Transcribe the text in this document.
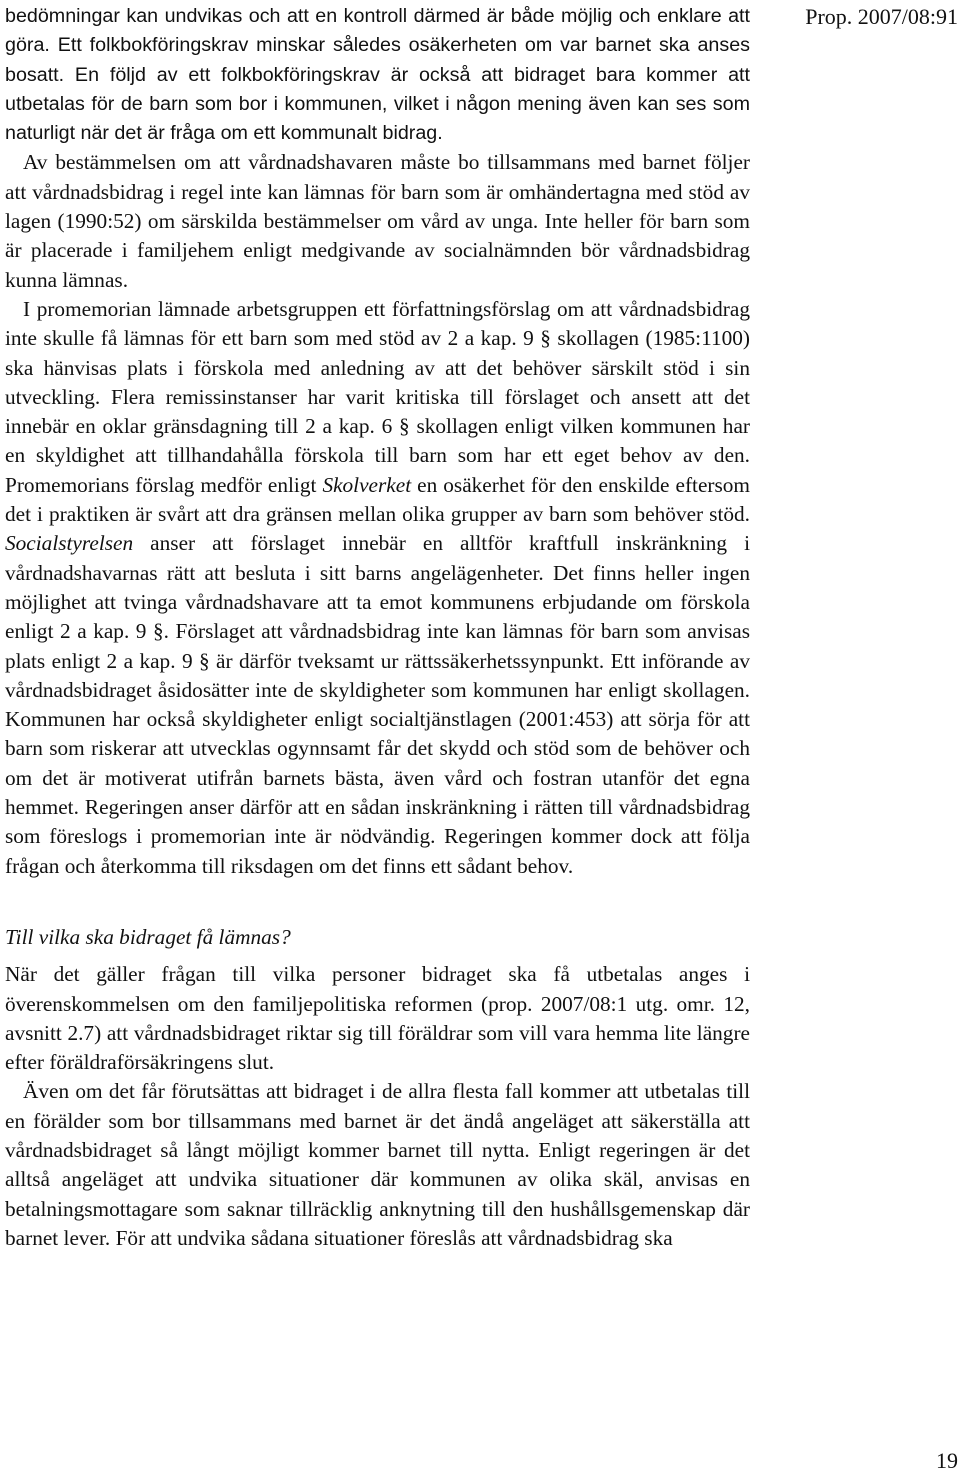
Prop. 2007/08:91

bedömningar kan undvikas och att en kontroll därmed är både möjlig och enklare att göra. Ett folkbokföringskrav minskar således osäkerheten om var barnet ska anses bosatt. En följd av ett folkbokföringskrav är också att bidraget bara kommer att utbetalas för de barn som bor i kommunen, vilket i någon mening även kan ses som naturligt när det är fråga om ett kommunalt bidrag.

Av bestämmelsen om att vårdnadshavaren måste bo tillsammans med barnet följer att vårdnadsbidrag i regel inte kan lämnas för barn som är omhändertagna med stöd av lagen (1990:52) om särskilda bestämmelser om vård av unga. Inte heller för barn som är placerade i familjehem enligt medgivande av socialnämnden bör vårdnadsbidrag kunna lämnas.

I promemorian lämnade arbetsgruppen ett författningsförslag om att vårdnadsbidrag inte skulle få lämnas för ett barn som med stöd av 2 a kap. 9 § skollagen (1985:1100) ska hänvisas plats i förskola med anledning av att det behöver särskilt stöd i sin utveckling. Flera remissinstanser har varit kritiska till förslaget och ansett att det innebär en oklar gränsdagning till 2 a kap. 6 § skollagen enligt vilken kommunen har en skyldighet att tillhandahålla förskola till barn som har ett eget behov av den. Promemorians förslag medför enligt Skolverket en osäkerhet för den enskilde eftersom det i praktiken är svårt att dra gränsen mellan olika grupper av barn som behöver stöd. Socialstyrelsen anser att förslaget innebär en alltför kraftfull inskränkning i vårdnadshavarnas rätt att besluta i sitt barns angelägenheter. Det finns heller ingen möjlighet att tvinga vårdnadshavare att ta emot kommunens erbjudande om förskola enligt 2 a kap. 9 §. Förslaget att vårdnadsbidrag inte kan lämnas för barn som anvisas plats enligt 2 a kap. 9 § är därför tveksamt ur rättssäkerhetssynpunkt. Ett införande av vårdnadsbidraget åsidosätter inte de skyldigheter som kommunen har enligt skollagen. Kommunen har också skyldigheter enligt socialtjänstlagen (2001:453) att sörja för att barn som riskerar att utvecklas ogynnsamt får det skydd och stöd som de behöver och om det är motiverat utifrån barnets bästa, även vård och fostran utanför det egna hemmet. Regeringen anser därför att en sådan inskränkning i rätten till vårdnadsbidrag som föreslogs i promemorian inte är nödvändig. Regeringen kommer dock att följa frågan och återkomma till riksdagen om det finns ett sådant behov.

Till vilka ska bidraget få lämnas?

När det gäller frågan till vilka personer bidraget ska få utbetalas anges i överenskommelsen om den familjepolitiska reformen (prop. 2007/08:1 utg. omr. 12, avsnitt 2.7) att vårdnadsbidraget riktar sig till föräldrar som vill vara hemma lite längre efter föräldraförsäkringens slut.

Även om det får förutsättas att bidraget i de allra flesta fall kommer att utbetalas till en förälder som bor tillsammans med barnet är det ändå angeläget att säkerställa att vårdnadsbidraget så långt möjligt kommer barnet till nytta. Enligt regeringen är det alltså angeläget att undvika situationer där kommunen av olika skäl, anvisas en betalningsmottagare som saknar tillräcklig anknytning till den hushållsgemenskap där barnet lever. För att undvika sådana situationer föreslås att vårdnadsbidrag ska

19
